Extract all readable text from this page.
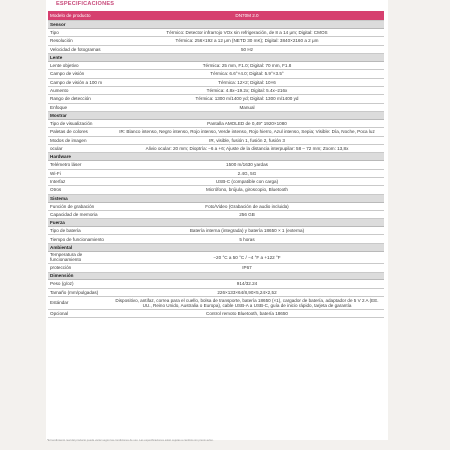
ESPECIFICACIONES
Modelo de producto	DN70M 2.0
Sensor	
Tipo	Térmico: Detector infrarrojo VOx sin refrigeración, de 8 a 14 μm; Digital: CMOS
Resolución	Térmica: 256×192 a 12 μm (NETD 30 mK); Digital: 3840×2160 a 2 μm
Velocidad de fotogramas	50 Hz
Lente	
Lente objetivo	Térmica: 25 mm, F1.0; Digital: 70 mm, F1.8
Campo de visión	Térmica: 6.6°×4.0; Digital: 5.9°×3.5°
Campo de visión a 100 m	Térmica: 12×2; Digital: 10×6
Aumento	Térmica: 4.8x–19.2x; Digital: 5.4x–216x
Rango de detección	Térmica: 1300 m/1400 yd; Digital: 1300 m/1400 yd
Enfoque	Manual
Mostrar	
Tipo de visualización	Pantalla AMOLED de 0,49" 1920×1080
Paletas de colores	IR: Blanco intenso, Negro intenso, Rojo intenso, Verde intenso, Rojo hierro, Azul intenso, Sepia; Visible: Día, Noche, Poca luz
Modos de imagen	IR, visible, fusión 1, fusión 2, fusión 3
ocular	Alivio ocular: 20 mm; Dioptría: −6 a +6; Ajuste de la distancia interpupilar: 58 – 72 mm; Zoom: 13,8x
Hardware	
Telémetro láser	1500 m/1630 yardas
Wi-Fi	2.4G, 5G
Interfaz	USB-C (compatible con carga)
Otros	Micrófono, brújula, giroscopio, Bluetooth
Sistema	
Función de grabación	Foto/Video (Grabación de audio incluida)
Capacidad de memoria	256 GB
Fuerza	
Tipo de batería	Batería interna (integrada) y batería 18650 × 1 (externa)
Tiempo de funcionamiento	5 horas
Ambiental	
Temperatura de funcionamiento	−20 °C a 50 °C / −4 °F a +122 °F
protección	IP67
Dimensión	
Peso (g/oz)	914/32.24
Tamaño (mm/pulgadas)	226×133×64/8,90×5,24×2,52
Estándar	Dispositivo, antifaz, correa para el cuello, bolsa de transporte, batería 18650 (×1), cargador de batería, adaptador de 5 V 2 A (EE. UU., Reino Unido, Australia o Europa), cable USB-A a USB-C, guía de inicio rápido, tarjeta de garantía
Opcional	Control remoto Bluetooth, batería 18650
*El rendimiento real del producto puede variar según las condiciones de uso. Las especificaciones están sujetas a cambios sin previo aviso.
